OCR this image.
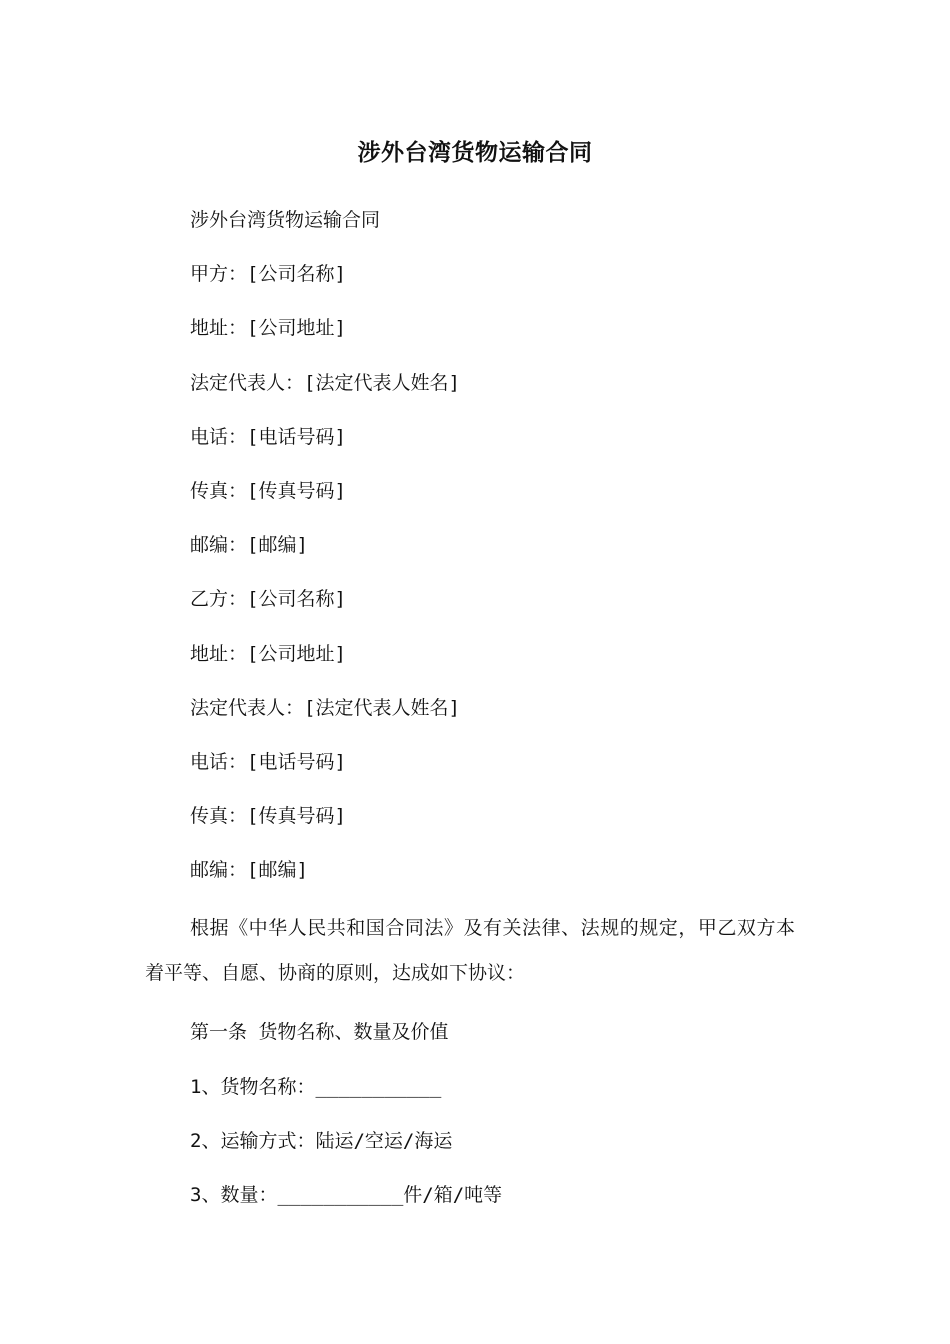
涉外台湾货物运输合同

涉外台湾货物运输合同

甲方：[公司名称]

地址：[公司地址]

法定代表人：[法定代表人姓名]

电话：[电话号码]

传真：[传真号码]

邮编：[邮编]

乙方：[公司名称]

地址：[公司地址]

法定代表人：[法定代表人姓名]

电话：[电话号码]

传真：[传真号码]

邮编：[邮编]

根据《中华人民共和国合同法》及有关法律、法规的规定，甲乙双方本着平等、自愿、协商的原则，达成如下协议：

第一条 货物名称、数量及价值

1、货物名称：___________

2、运输方式：陆运/空运/海运

3、数量：___________件/箱/吨等
